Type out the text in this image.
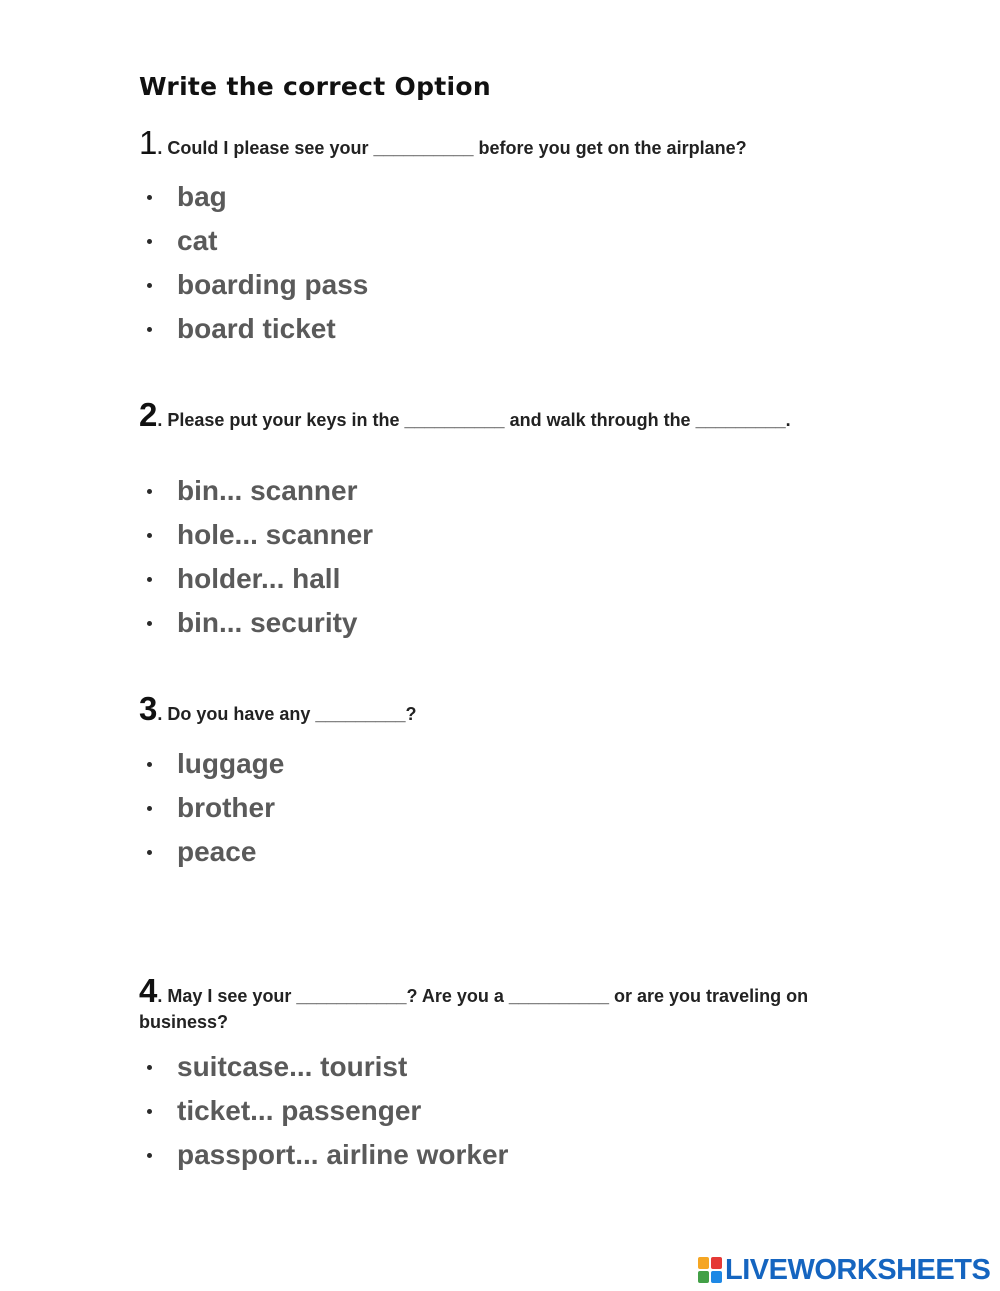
Write the correct Option
1. Could I please see your __________ before you get on the airplane?
bag
cat
boarding pass
board ticket
2. Please put your keys in the __________ and walk through the _________.
bin... scanner
hole... scanner
holder... hall
bin... security
3. Do you have any _________?
luggage
brother
peace
4. May I see your ___________? Are you a __________ or are you traveling on business?
suitcase... tourist
ticket... passenger
passport... airline worker
LIVEWORKSHEETS
